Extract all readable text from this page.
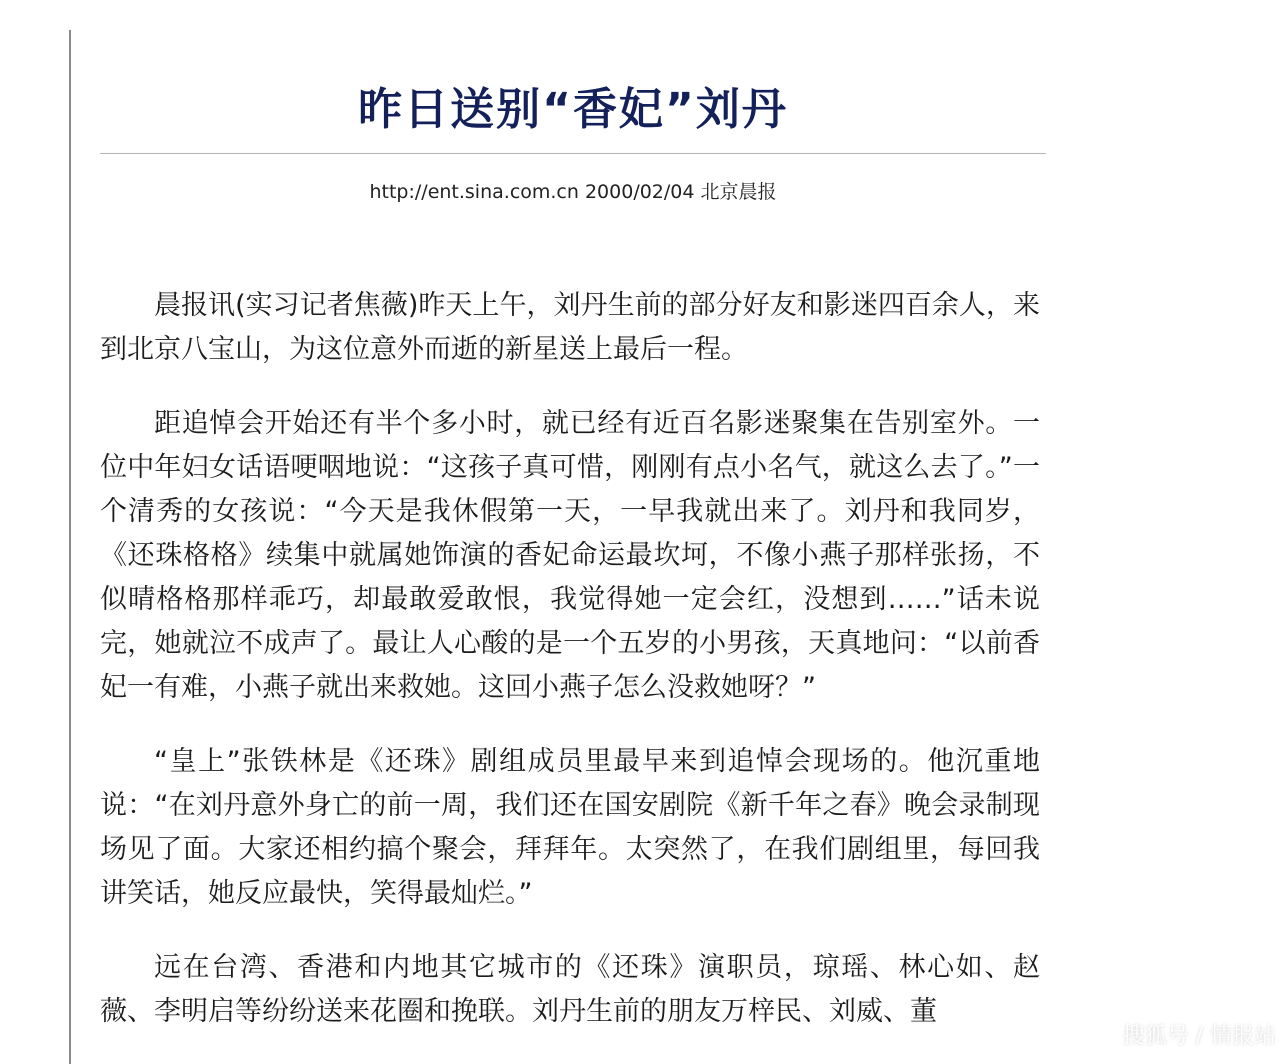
昨日送别“香妃”刘丹
http://ent.sina.com.cn 2000/02/04 北京晨报

晨报讯(实习记者焦薇)昨天上午，刘丹生前的部分好友和影迷四百余人，来到北京八宝山，为这位意外而逝的新星送上最后一程。

距追悼会开始还有半个多小时，就已经有近百名影迷聚集在告别室外。一位中年妇女话语哽咽地说：“这孩子真可惜，刚刚有点小名气，就这么去了。”一个清秀的女孩说：“今天是我休假第一天，一早我就出来了。刘丹和我同岁，《还珠格格》续集中就属她饰演的香妃命运最坎坷，不像小燕子那样张扬，不似晴格格那样乖巧，却最敢爱敢恨，我觉得她一定会红，没想到……”话未说完，她就泣不成声了。最让人心酸的是一个五岁的小男孩，天真地问：“以前香妃一有难，小燕子就出来救她。这回小燕子怎么没救她呀？”

“皇上”张铁林是《还珠》剧组成员里最早来到追悼会现场的。他沉重地说：“在刘丹意外身亡的前一周，我们还在国安剧院《新千年之春》晚会录制现场见了面。大家还相约搞个聚会，拜拜年。太突然了，在我们剧组里，每回我讲笑话，她反应最快，笑得最灿烂。”

远在台湾、香港和内地其它城市的《还珠》演职员，琼瑶、林心如、赵薇、李明启等纷纷送来花圈和挽联。刘丹生前的朋友万梓民、刘威、董

搜狐号 / 情报站
